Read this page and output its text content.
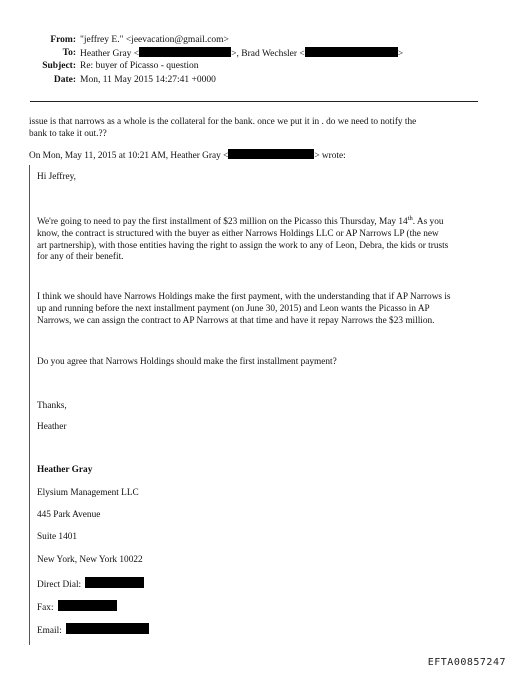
From: "jeffrey E." <jeevacation@gmail.com>
To: Heather Gray <	>, Brad Wechsler <	>
Subject: Re: buyer of Picasso - question
Date: Mon, 11 May 2015 14:27:41 +0000
issue is that narrows as a whole is the collateral for the bank. once we put it in . do we need to notify the
bank to take it out.??
On Mon, May 11, 2015 at 10:21 AM, Heather Gray <	> wrote:
Hi Jeffrey,
We're going to need to pay the first installment of $23 million on the Picasso this Thursday, May 14th. As you
know, the contract is structured with the buyer as either Narrows Holdings LLC or AP Narrows LP (the new
art partnership), with those entities having the right to assign the work to any of Leon, Debra, the kids or trusts
for any of their benefit.
I think we should have Narrows Holdings make the first payment, with the understanding that if AP Narrows is
up and running before the next installment payment (on June 30, 2015) and Leon wants the Picasso in AP
Narrows, we can assign the contract to AP Narrows at that time and have it repay Narrows the $23 million.
Do you agree that Narrows Holdings should make the first installment payment?
Thanks,
Heather
Heather Gray
Elysium Management LLC
445 Park Avenue
Suite 1401
New York, New York 10022
Direct Dial:
Fax:
Email:
EFTA00857247
